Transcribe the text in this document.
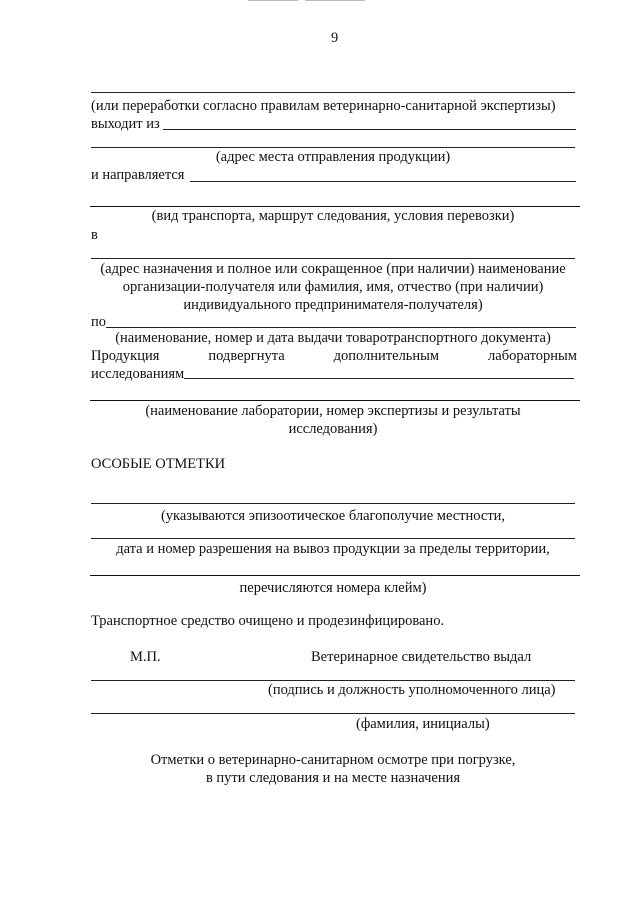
9
(или переработки согласно правилам ветеринарно-санитарной экспертизы)
выходит из
(адрес места отправления продукции)
и направляется
(вид транспорта, маршрут следования, условия перевозки)
в
(адрес назначения и полное или сокращенное (при наличии) наименование
организации-получателя или фамилия, имя, отчество (при наличии)
индивидуального предпринимателя-получателя)
по
(наименование, номер и дата выдачи товаротранспортного документа)
Продукция	подвергнута	дополнительным	лабораторным
исследованиям
(наименование лаборатории, номер экспертизы и результаты
исследования)
ОСОБЫЕ ОТМЕТКИ
(указываются эпизоотическое благополучие местности,
дата и номер разрешения на вывоз продукции за пределы территории,
перечисляются номера клейм)
Транспортное средство очищено и продезинфицировано.
М.П.	Ветеринарное свидетельство выдал
(подпись и должность уполномоченного лица)
(фамилия, инициалы)
Отметки о ветеринарно-санитарном осмотре при погрузке,
в пути следования и на месте назначения
